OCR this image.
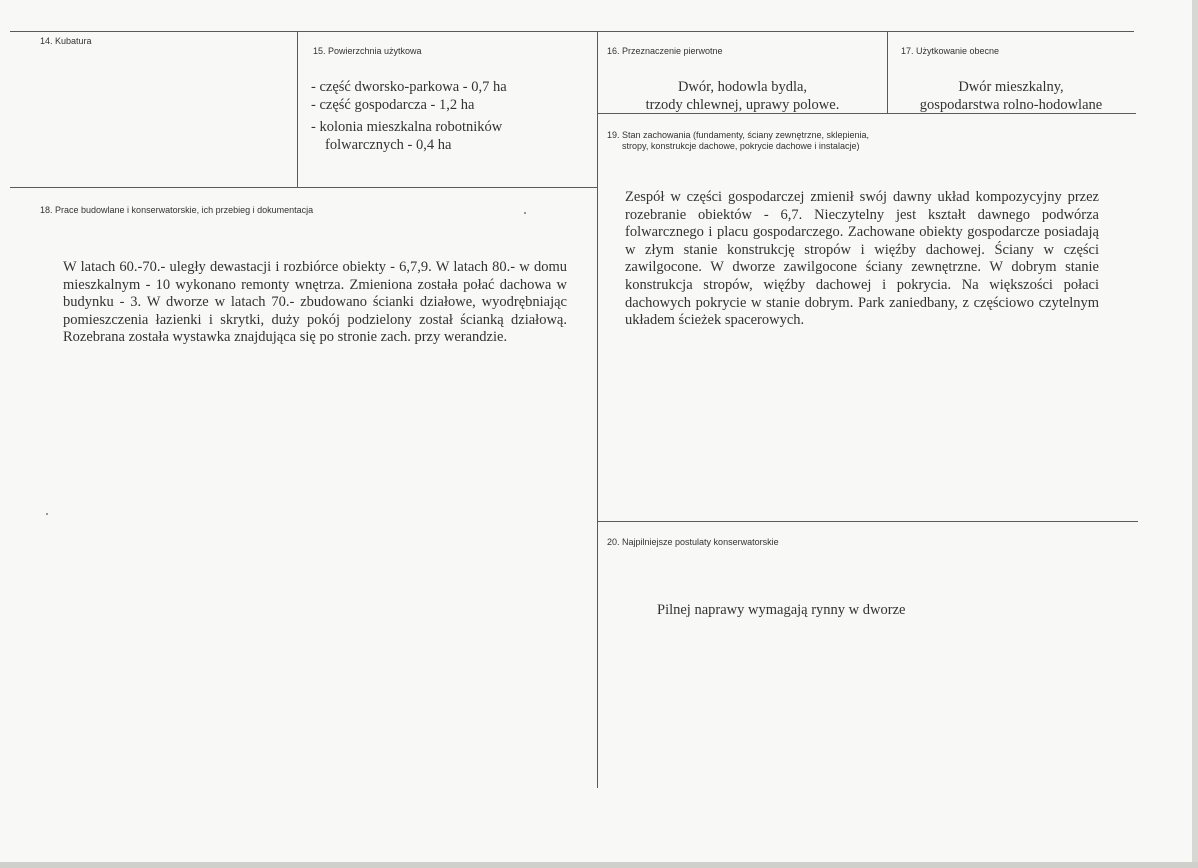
14. Kubatura
15. Powierzchnia użytkowa
- część dworsko-parkowa - 0,7 ha
- część gospodarcza - 1,2 ha
- kolonia mieszkalna robotników
folwarcznych - 0,4 ha
16. Przeznaczenie pierwotne
Dwór, hodowla bydla,
trzody chlewnej, uprawy polowe.
17. Użytkowanie obecne
Dwór mieszkalny,
gospodarstwa rolno-hodowlane
18. Prace budowlane i konserwatorskie, ich przebieg i dokumentacja
W latach 60.-70.- uległy dewastacji i rozbiórce obiekty - 6,7,9. W latach 80.- w domu mieszkalnym - 10 wykonano remonty wnętrza. Zmieniona została połać dachowa w budynku - 3. W dworze w latach 70.- zbudowano ścianki działowe, wyodrębniając pomieszczenia łazienki i skrytki, duży pokój podzielony został ścianką działową. Rozebrana została wystawka znajdująca się po stronie zach. przy werandzie.
19. Stan zachowania (fundamenty, ściany zewnętrzne, sklepienia,
stropy, konstrukcje dachowe, pokrycie dachowe i instalacje)
Zespół w części gospodarczej zmienił swój dawny układ kompozycyjny przez rozebranie obiektów - 6,7. Nieczytelny jest kształt dawnego podwórza folwarcznego i placu gospodarczego. Zachowane obiekty gospodarcze posiadają w złym stanie konstrukcję stropów i więźby dachowej. Ściany w części zawilgocone. W dworze zawilgocone ściany zewnętrzne. W dobrym stanie konstrukcja stropów, więźby dachowej i pokrycia. Na większości połaci dachowych pokrycie w stanie dobrym. Park zaniedbany, z częściowo czytelnym układem ścieżek spacerowych.
20. Najpilniejsze postulaty konserwatorskie
Pilnej naprawy wymagają rynny w dworze
